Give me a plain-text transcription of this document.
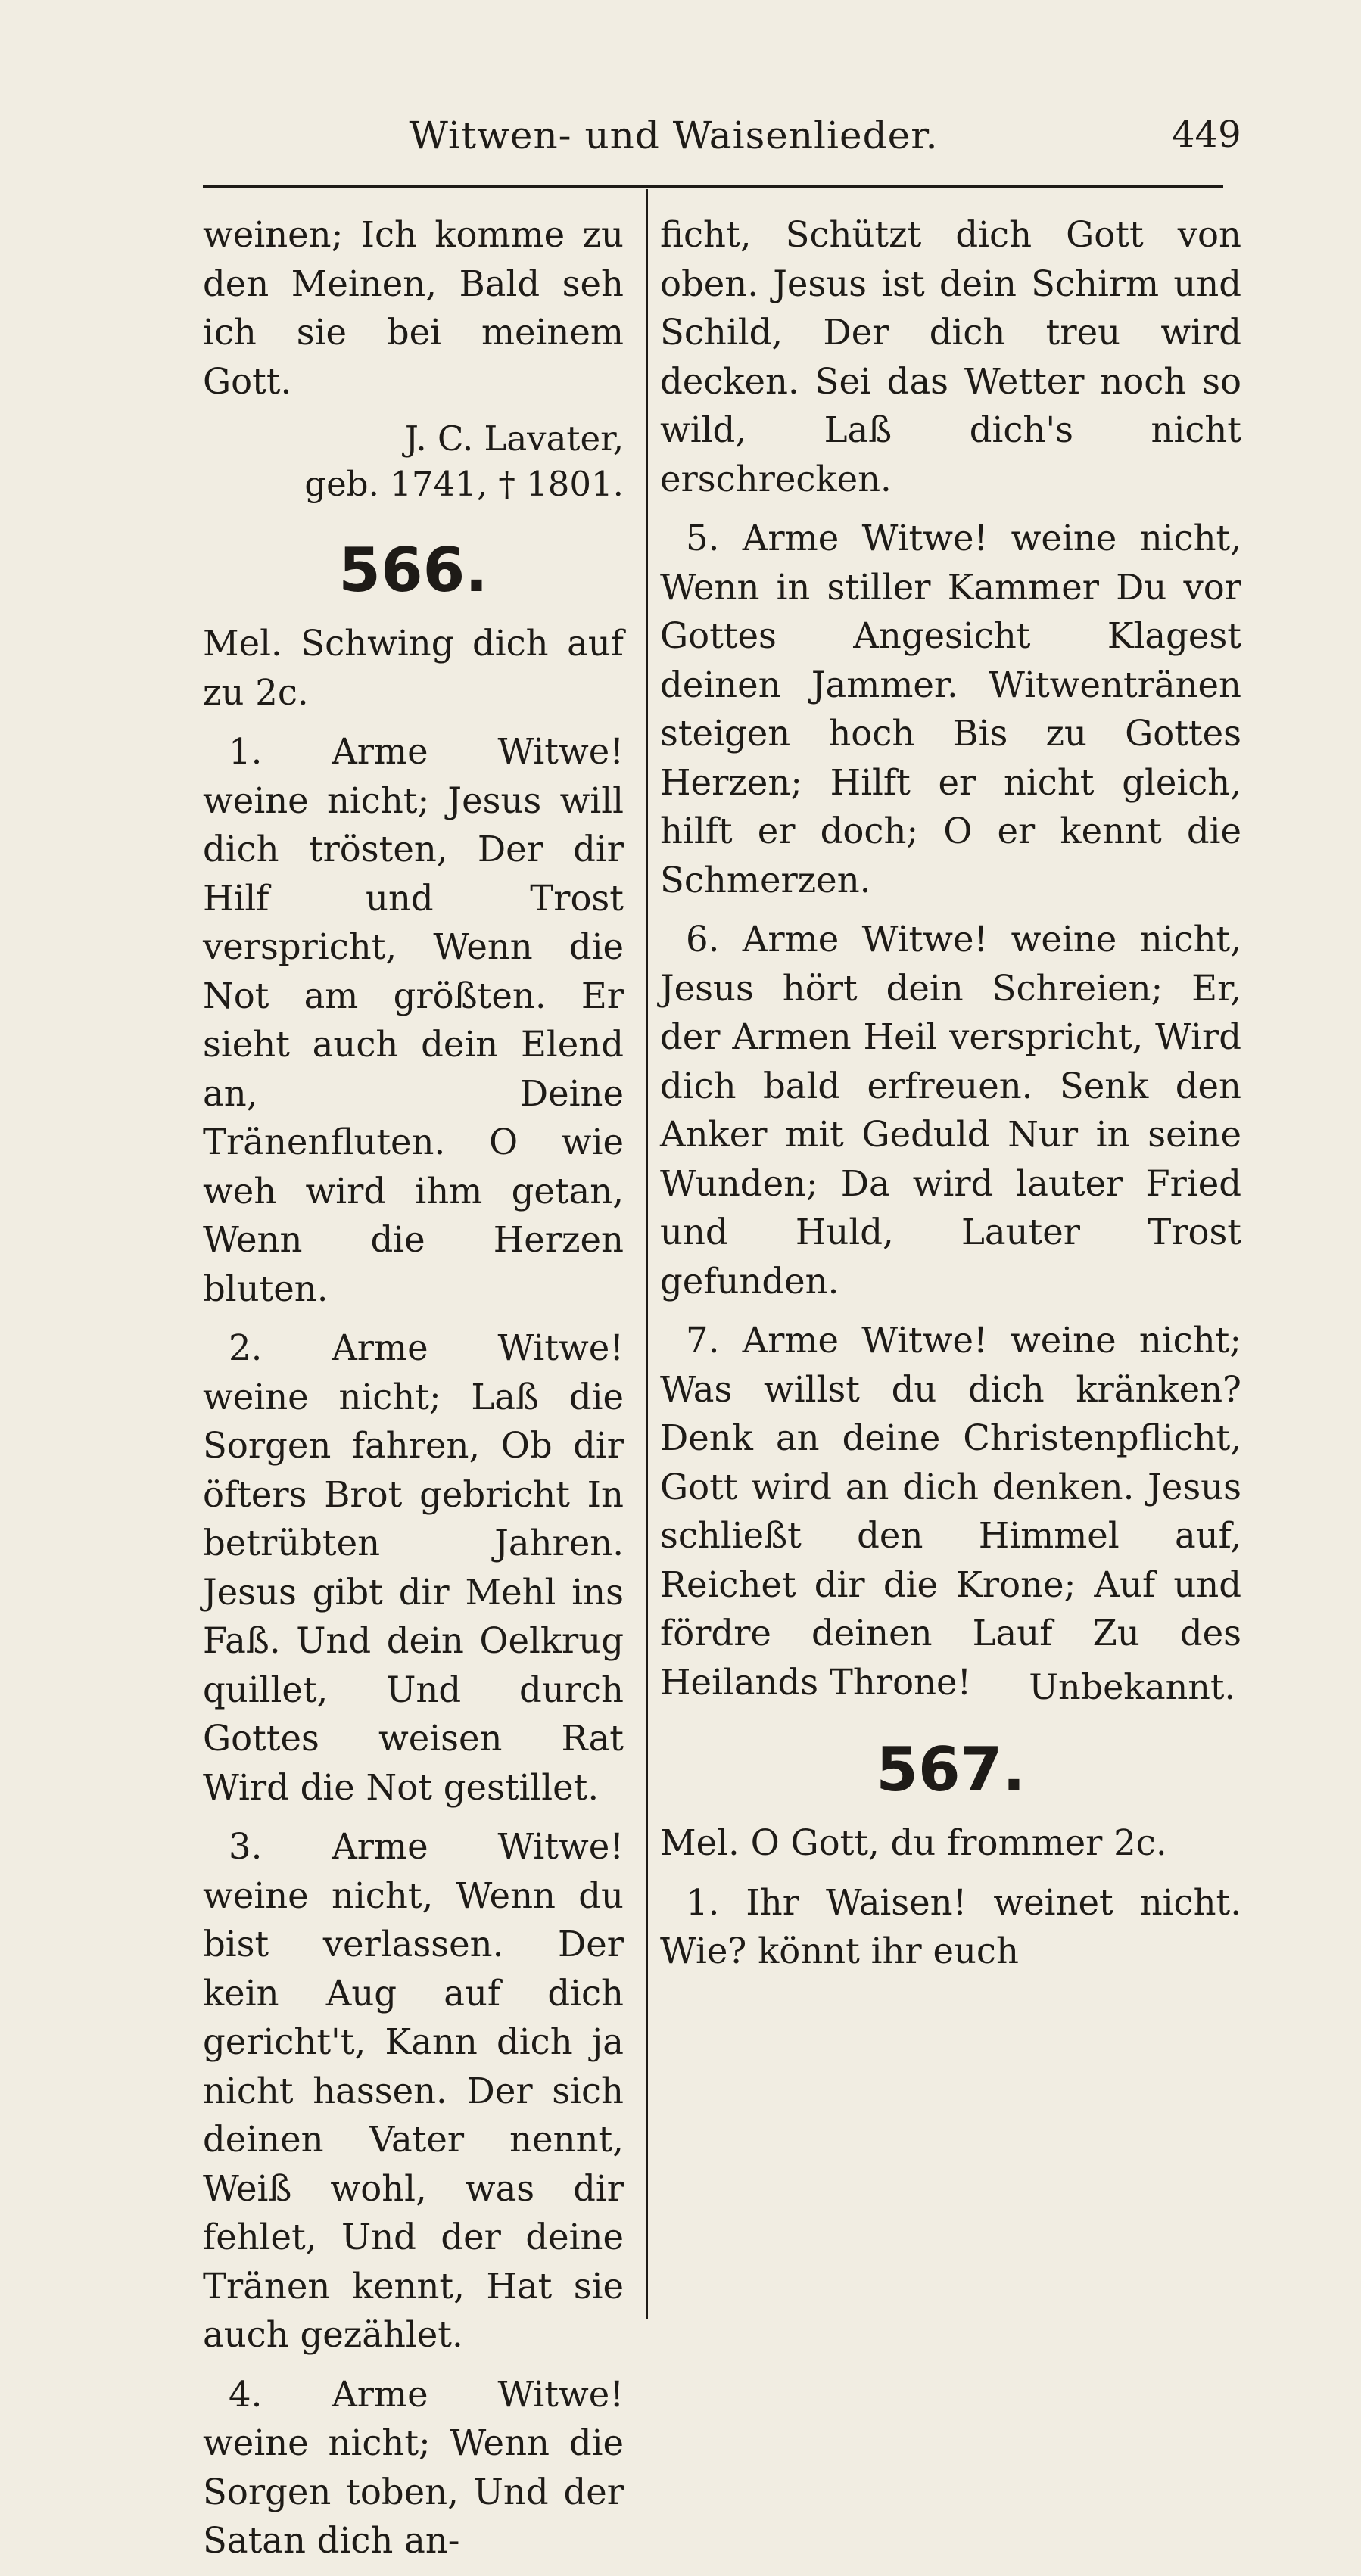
Witwen- und Waisenlieder.	449

weinen; Ich komme zu den Meinen, Bald seh ich sie bei meinem Gott.

J. C. Lavater,
geb. 1741, † 1801.
566.

Mel. Schwing dich auf zu 2c.

1. Arme Witwe! weine nicht; Jesus will dich trösten, Der dir Hilf und Trost verspricht, Wenn die Not am größten. Er sieht auch dein Elend an, Deine Tränenfluten. O wie weh wird ihm getan, Wenn die Herzen bluten.

2. Arme Witwe! weine nicht; Laß die Sorgen fahren, Ob dir öfters Brot gebricht In betrübten Jahren. Jesus gibt dir Mehl ins Faß. Und dein Oelkrug quillet, Und durch Gottes weisen Rat Wird die Not gestillet.

3. Arme Witwe! weine nicht, Wenn du bist verlassen. Der kein Aug auf dich gericht't, Kann dich ja nicht hassen. Der sich deinen Vater nennt, Weiß wohl, was dir fehlet, Und der deine Tränen kennt, Hat sie auch gezählet.

4. Arme Witwe! weine nicht; Wenn die Sorgen toben, Und der Satan dich an-

ficht, Schützt dich Gott von oben. Jesus ist dein Schirm und Schild, Der dich treu wird decken. Sei das Wetter noch so wild, Laß dich's nicht erschrecken.

5. Arme Witwe! weine nicht, Wenn in stiller Kammer Du vor Gottes Angesicht Klagest deinen Jammer. Witwentränen steigen hoch Bis zu Gottes Herzen; Hilft er nicht gleich, hilft er doch; O er kennt die Schmerzen.

6. Arme Witwe! weine nicht, Jesus hört dein Schreien; Er, der Armen Heil verspricht, Wird dich bald erfreuen. Senk den Anker mit Geduld Nur in seine Wunden; Da wird lauter Fried und Huld, Lauter Trost gefunden.

7. Arme Witwe! weine nicht; Was willst du dich kränken? Denk an deine Christenpflicht, Gott wird an dich denken. Jesus schließt den Himmel auf, Reichet dir die Krone; Auf und fördre deinen Lauf Zu des Heilands Throne!	Unbekannt.
567.

Mel. O Gott, du frommer 2c.

1. Ihr Waisen! weinet nicht. Wie? könnt ihr euch
